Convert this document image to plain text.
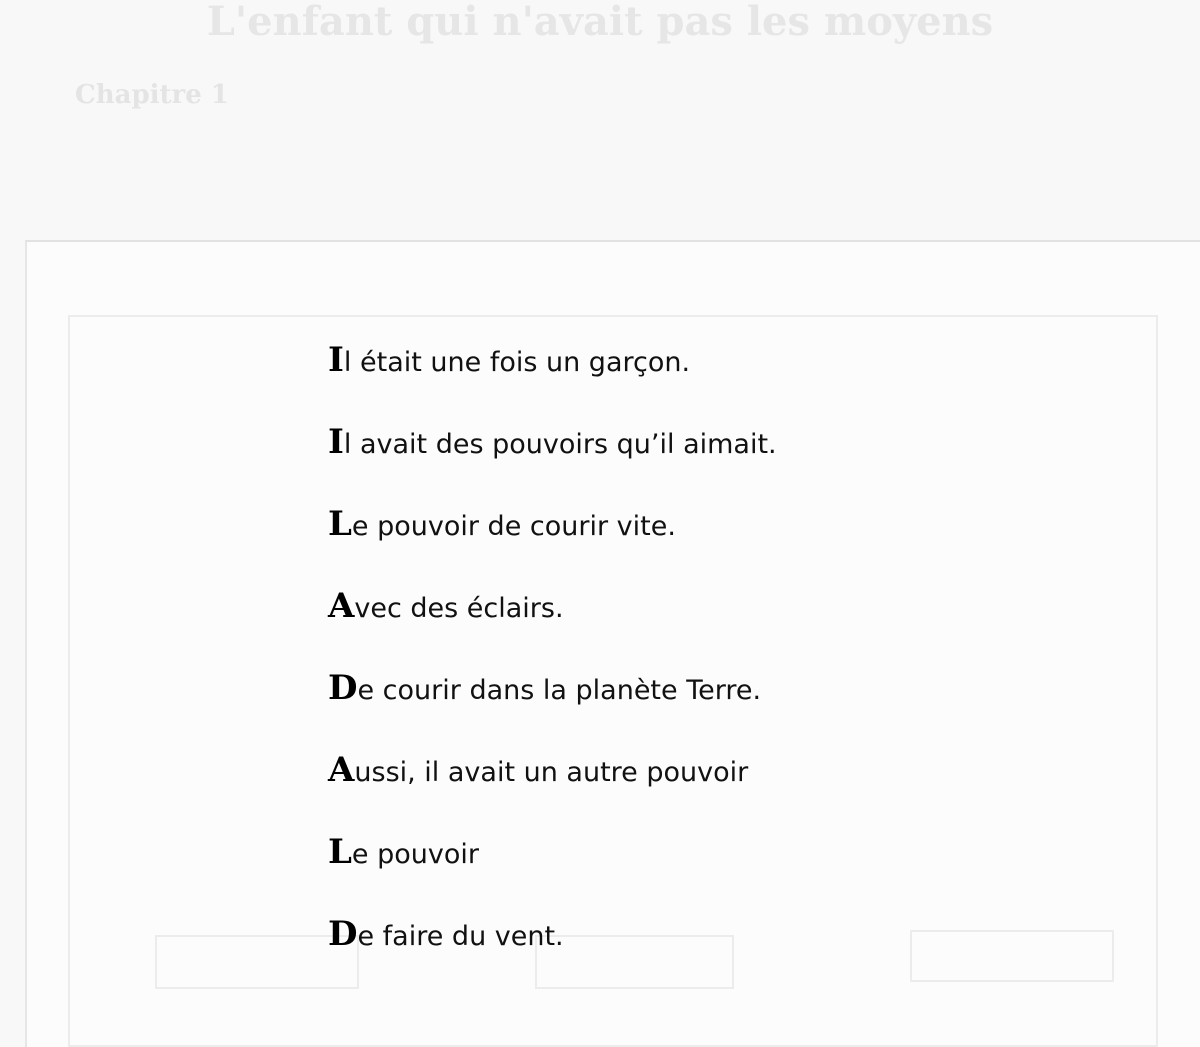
L'enfant qui n'avait pas les moyens
Chapitre 1
Il était une fois un garçon.
Il avait des pouvoirs qu’il aimait.
Le pouvoir de courir vite.
Avec des éclairs.
De courir dans la planète Terre.
Aussi, il avait un autre pouvoir
Le pouvoir
De faire du vent.
